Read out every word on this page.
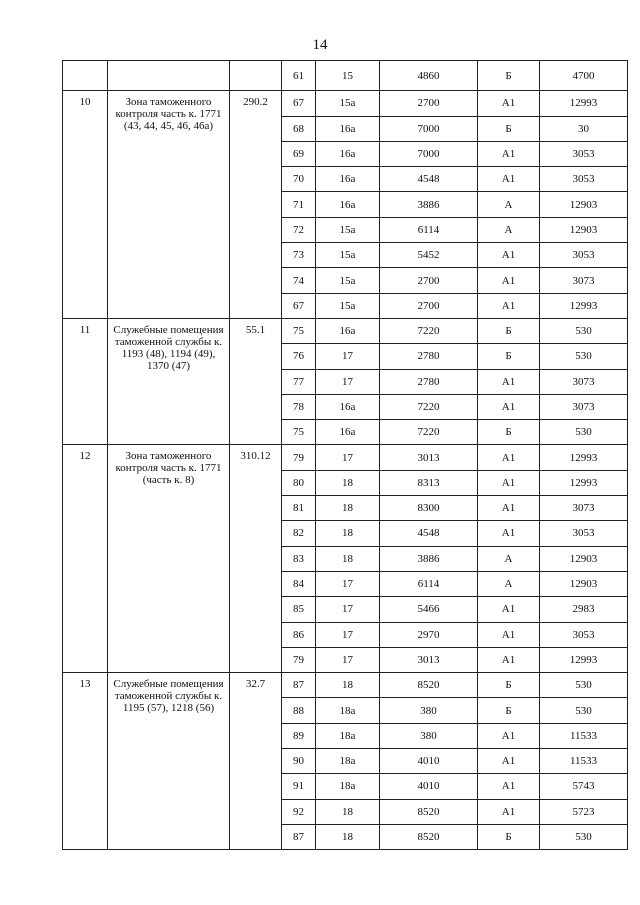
14
			61	15	4860	Б	4700
10	Зона таможенного контроля часть к. 1771 (43, 44, 45, 46, 46а)	290.2	67	15а	2700	А1	12993
			68	16а	7000	Б	30
			69	16а	7000	А1	3053
			70	16а	4548	А1	3053
			71	16а	3886	А	12903
			72	15а	6114	А	12903
			73	15а	5452	А1	3053
			74	15а	2700	А1	3073
			67	15а	2700	А1	12993
11	Служебные помещения таможенной службы к. 1193 (48), 1194 (49), 1370 (47)	55.1	75	16а	7220	Б	530
			76	17	2780	Б	530
			77	17	2780	А1	3073
			78	16а	7220	А1	3073
			75	16а	7220	Б	530
12	Зона таможенного контроля часть к. 1771 (часть к. 8)	310.12	79	17	3013	А1	12993
			80	18	8313	А1	12993
			81	18	8300	А1	3073
			82	18	4548	А1	3053
			83	18	3886	А	12903
			84	17	6114	А	12903
			85	17	5466	А1	2983
			86	17	2970	А1	3053
			79	17	3013	А1	12993
13	Служебные помещения таможенной службы к. 1195 (57), 1218 (56)	32.7	87	18	8520	Б	530
			88	18а	380	Б	530
			89	18а	380	А1	11533
			90	18а	4010	А1	11533
			91	18а	4010	А1	5743
			92	18	8520	А1	5723
			87	18	8520	Б	530
